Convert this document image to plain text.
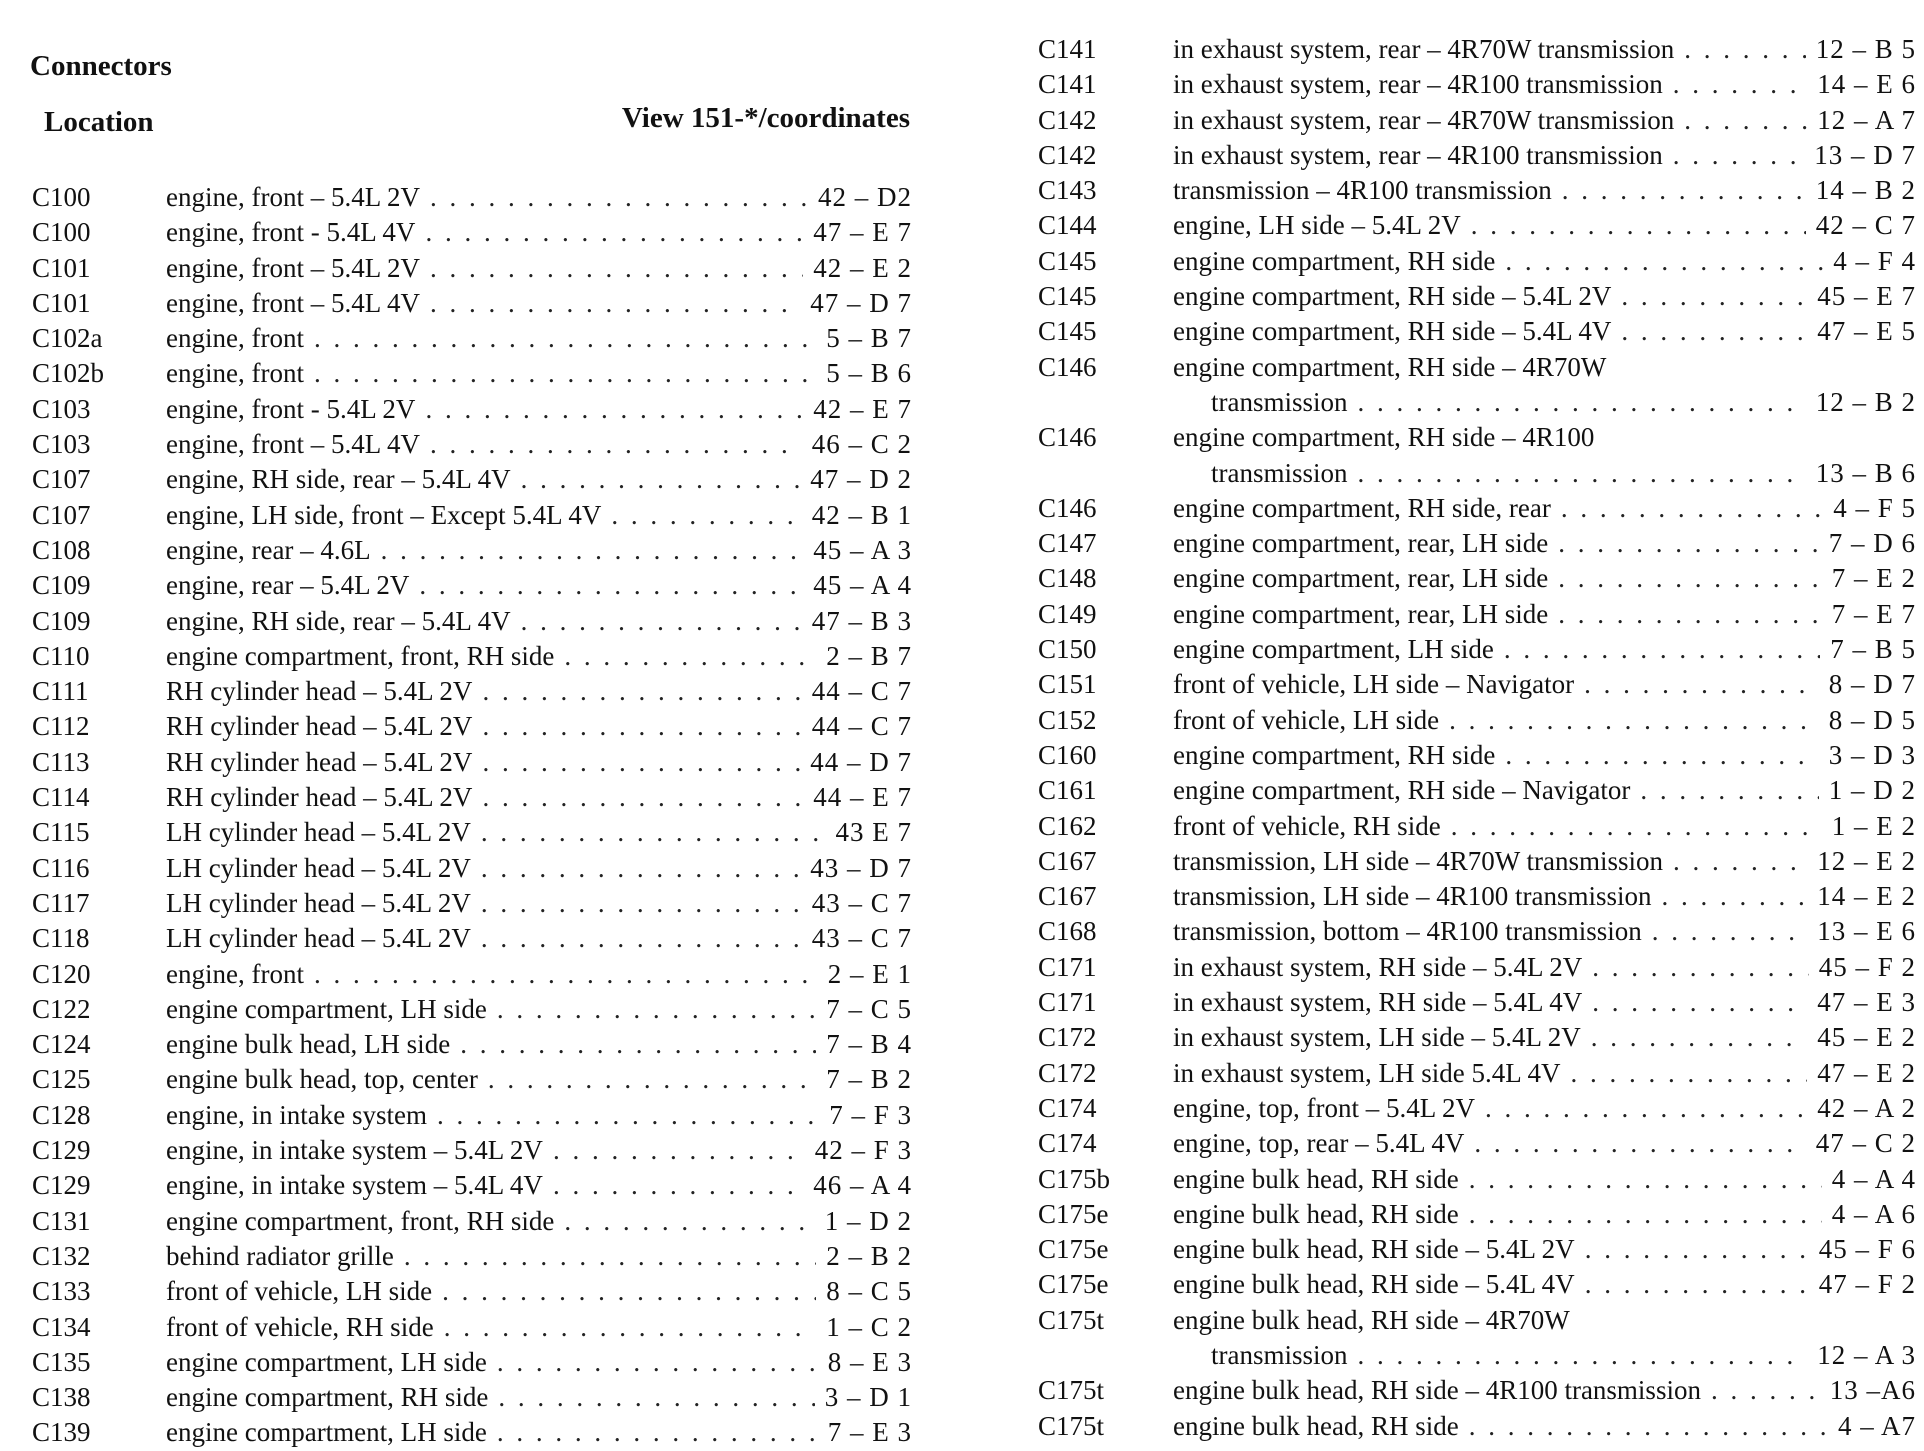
Connectors
Location	View 151-*/coordinates
C100	engine, front – 5.4L 2V . . .	42 – D2
C100	engine, front - 5.4L 4V . . .	47 – E 7
C101	engine, front – 5.4L 2V . . .	42 – E 2
C101	engine, front – 5.4L 4V . . .	47 – D 7
C102a	engine, front . . .	5 – B 7
C102b	engine, front . . .	5 – B 6
C103	engine, front - 5.4L 2V . . .	42 – E 7
C103	engine, front – 5.4L 4V . . .	46 – C 2
C107	engine, RH side, rear – 5.4L 4V . . .	47 – D 2
C107	engine, LH side, front – Except 5.4L 4V . . .	42 – B 1
C108	engine, rear – 4.6L . . .	45 – A 3
C109	engine, rear – 5.4L 2V . . .	45 – A 4
C109	engine, RH side, rear – 5.4L 4V . . .	47 – B 3
C110	engine compartment, front, RH side . . .	2 – B 7
C111	RH cylinder head – 5.4L 2V . . .	44 – C 7
C112	RH cylinder head – 5.4L 2V . . .	44 – C 7
C113	RH cylinder head – 5.4L 2V . . .	44 – D 7
C114	RH cylinder head – 5.4L 2V . . .	44 – E 7
C115	LH cylinder head – 5.4L 2V . . .	43 E 7
C116	LH cylinder head – 5.4L 2V . . .	43 – D 7
C117	LH cylinder head – 5.4L 2V . . .	43 – C 7
C118	LH cylinder head – 5.4L 2V . . .	43 – C 7
C120	engine, front . . .	2 – E 1
C122	engine compartment, LH side . . .	7 – C 5
C124	engine bulk head, LH side . . .	7 – B 4
C125	engine bulk head, top, center . . .	7 – B 2
C128	engine, in intake system . . .	7 – F 3
C129	engine, in intake system – 5.4L 2V . . .	42 – F 3
C129	engine, in intake system – 5.4L 4V . . .	46 – A 4
C131	engine compartment, front, RH side . . .	1 – D 2
C132	behind radiator grille . . .	2 – B 2
C133	front of vehicle, LH side . . .	8 – C 5
C134	front of vehicle, RH side . . .	1 – C 2
C135	engine compartment, LH side . . .	8 – E 3
C138	engine compartment, RH side . . .	3 – D 1
C139	engine compartment, LH side . . .	7 – E 3
C141	in exhaust system, rear – 4R70W transmission . . .	12 – B 5
C141	in exhaust system, rear – 4R100 transmission . . .	14 – E 6
C142	in exhaust system, rear – 4R70W transmission . . .	12 – A 7
C142	in exhaust system, rear – 4R100 transmission . . .	13 – D 7
C143	transmission – 4R100 transmission . . .	14 – B 2
C144	engine, LH side – 5.4L 2V . . .	42 – C 7
C145	engine compartment, RH side . . .	4 – F 4
C145	engine compartment, RH side – 5.4L 2V . . .	45 – E 7
C145	engine compartment, RH side – 5.4L 4V . . .	47 – E 5
C146	engine compartment, RH side – 4R70W
transmission . . .	12 – B 2
C146	engine compartment, RH side – 4R100
transmission . . .	13 – B 6
C146	engine compartment, RH side, rear . . .	4 – F 5
C147	engine compartment, rear, LH side . . .	7 – D 6
C148	engine compartment, rear, LH side . . .	7 – E 2
C149	engine compartment, rear, LH side . . .	7 – E 7
C150	engine compartment, LH side . . .	7 – B 5
C151	front of vehicle, LH side – Navigator . . .	8 – D 7
C152	front of vehicle, LH side . . .	8 – D 5
C160	engine compartment, RH side . . .	3 – D 3
C161	engine compartment, RH side – Navigator . . .	1 – D 2
C162	front of vehicle, RH side . . .	1 – E 2
C167	transmission, LH side – 4R70W transmission . . .	12 – E 2
C167	transmission, LH side – 4R100 transmission . . .	14 – E 2
C168	transmission, bottom – 4R100 transmission . . .	13 – E 6
C171	in exhaust system, RH side – 5.4L 2V . . .	45 – F 2
C171	in exhaust system, RH side – 5.4L 4V . . .	47 – E 3
C172	in exhaust system, LH side – 5.4L 2V . . .	45 – E 2
C172	in exhaust system, LH side 5.4L 4V . . .	47 – E 2
C174	engine, top, front – 5.4L 2V . . .	42 – A 2
C174	engine, top, rear – 5.4L 4V . . .	47 – C 2
C175b	engine bulk head, RH side . . .	4 – A 4
C175e	engine bulk head, RH side . . .	4 – A 6
C175e	engine bulk head, RH side – 5.4L 2V . . .	45 – F 6
C175e	engine bulk head, RH side – 5.4L 4V . . .	47 – F 2
C175t	engine bulk head, RH side – 4R70W
transmission . . .	12 – A 3
C175t	engine bulk head, RH side – 4R100 transmission . . .	13 –A6
C175t	engine bulk head, RH side . . .	4 – A7
